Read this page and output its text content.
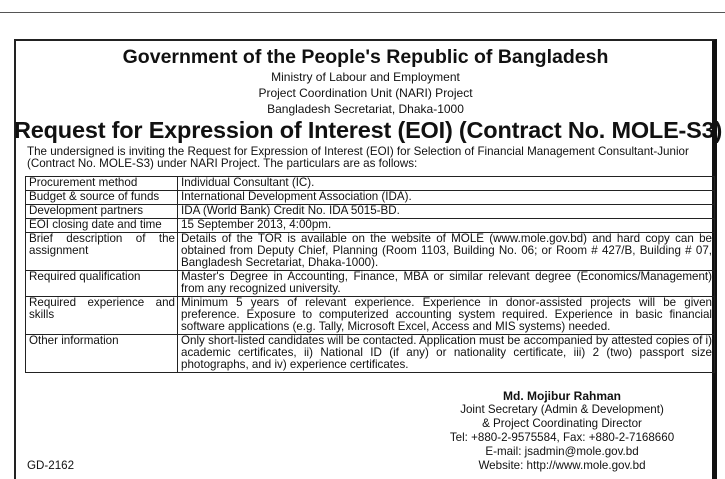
Government of the People's Republic of Bangladesh
Ministry of Labour and Employment
Project Coordination Unit (NARI) Project
Bangladesh Secretariat, Dhaka-1000
Request for Expression of Interest (EOI) (Contract No. MOLE-S3)
The undersigned is inviting the Request for Expression of Interest (EOI) for Selection of Financial Management Consultant-Junior
(Contract No. MOLE-S3) under NARI Project. The particulars are as follows:
Procurement method	Individual Consultant (IC).
Budget & source of funds	International Development Association (IDA).
Development partners	IDA (World Bank) Credit No. IDA 5015-BD.
EOI closing date and time	15 September 2013, 4:00pm.
Brief description of the assignment	Details of the TOR is available on the website of MOLE (www.mole.gov.bd) and hard copy can be obtained from Deputy Chief, Planning (Room 1103, Building No. 06; or Room # 427/B, Building # 07, Bangladesh Secretariat, Dhaka-1000).
Required qualification	Master's Degree in Accounting, Finance, MBA or similar relevant degree (Economics/Management) from any recognized university.
Required experience and skills	Minimum 5 years of relevant experience. Experience in donor-assisted projects will be given preference. Exposure to computerized accounting system required. Experience in basic financial software applications (e.g. Tally, Microsoft Excel, Access and MIS systems) needed.
Other information	Only short-listed candidates will be contacted. Application must be accompanied by attested copies of i) academic certificates, ii) National ID (if any) or nationality certificate, iii) 2 (two) passport size photographs, and iv) experience certificates.
Md. Mojibur Rahman
Joint Secretary (Admin & Development)
& Project Coordinating Director
Tel: +880-2-9575584, Fax: +880-2-7168660
E-mail: jsadmin@mole.gov.bd
Website: http://www.mole.gov.bd
GD-2162
